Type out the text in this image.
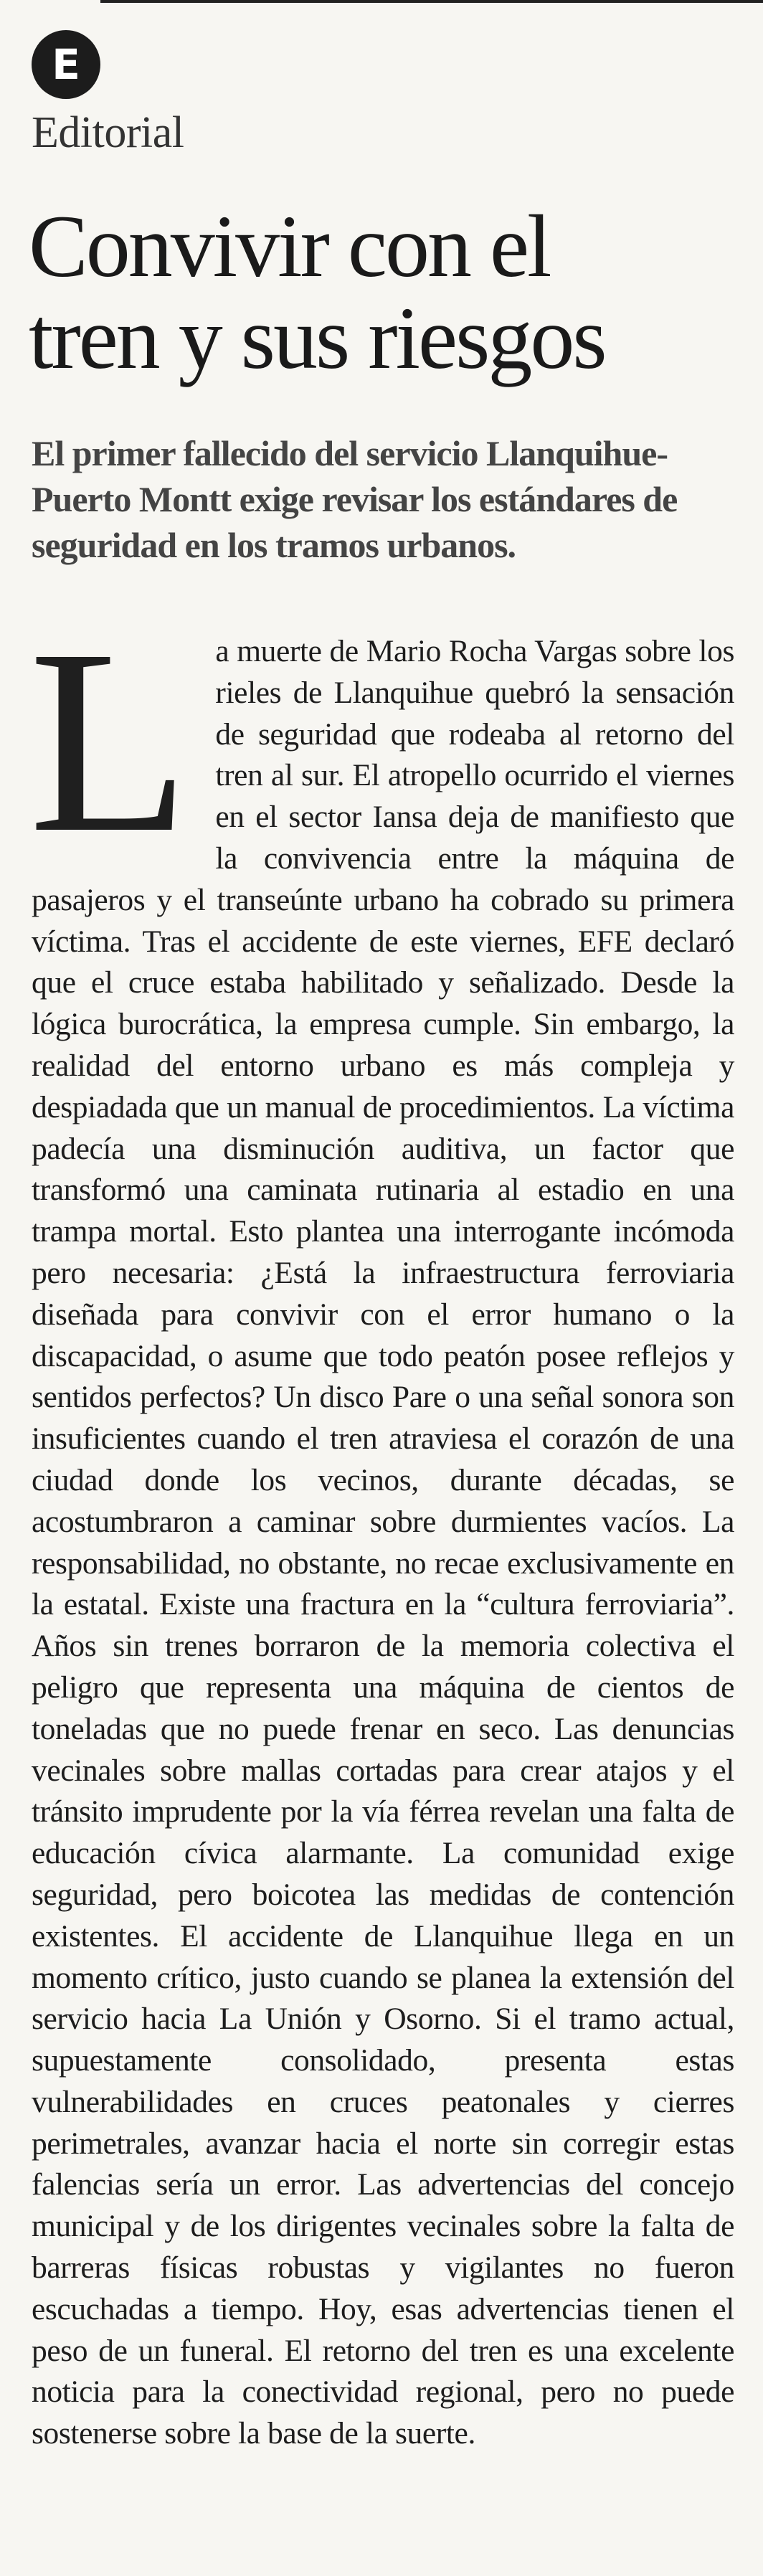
E
Editorial
Convivir con el
tren y sus riesgos
El primer fallecido del servicio Llanquihue-Puerto Montt exige revisar los estándares de seguridad en los tramos urbanos.

La muerte de Mario Rocha Vargas sobre los rieles de Llanquihue quebró la sensación de seguridad que rodeaba al retorno del tren al sur. El atropello ocurrido el viernes en el sector Iansa deja de manifiesto que la convivencia entre la máquina de pasajeros y el transeúnte urbano ha cobrado su primera víctima. Tras el accidente de este viernes, EFE declaró que el cruce estaba habilitado y señalizado. Desde la lógica burocrática, la empresa cumple. Sin embargo, la realidad del entorno urbano es más compleja y despiadada que un manual de procedimientos. La víctima padecía una disminución auditiva, un factor que transformó una caminata rutinaria al estadio en una trampa mortal. Esto plantea una interrogante incómoda pero necesaria: ¿Está la infraestructura ferroviaria diseñada para convivir con el error humano o la discapacidad, o asume que todo peatón posee reflejos y sentidos perfectos? Un disco Pare o una señal sonora son insuficientes cuando el tren atraviesa el corazón de una ciudad donde los vecinos, durante décadas, se acostumbraron a caminar sobre durmientes vacíos. La responsabilidad, no obstante, no recae exclusivamente en la estatal. Existe una fractura en la “cultura ferroviaria”. Años sin trenes borraron de la memoria colectiva el peligro que representa una máquina de cientos de toneladas que no puede frenar en seco. Las denuncias vecinales sobre mallas cortadas para crear atajos y el tránsito imprudente por la vía férrea revelan una falta de educación cívica alarmante. La comunidad exige seguridad, pero boicotea las medidas de contención existentes. El accidente de Llanquihue llega en un momento crítico, justo cuando se planea la extensión del servicio hacia La Unión y Osorno. Si el tramo actual, supuestamente consolidado, presenta estas vulnerabilidades en cruces peatonales y cierres perimetrales, avanzar hacia el norte sin corregir estas falencias sería un error. Las advertencias del concejo municipal y de los dirigentes vecinales sobre la falta de barreras físicas robustas y vigilantes no fueron escuchadas a tiempo. Hoy, esas advertencias tienen el peso de un funeral. El retorno del tren es una excelente noticia para la conectividad regional, pero no puede sostenerse sobre la base de la suerte.
